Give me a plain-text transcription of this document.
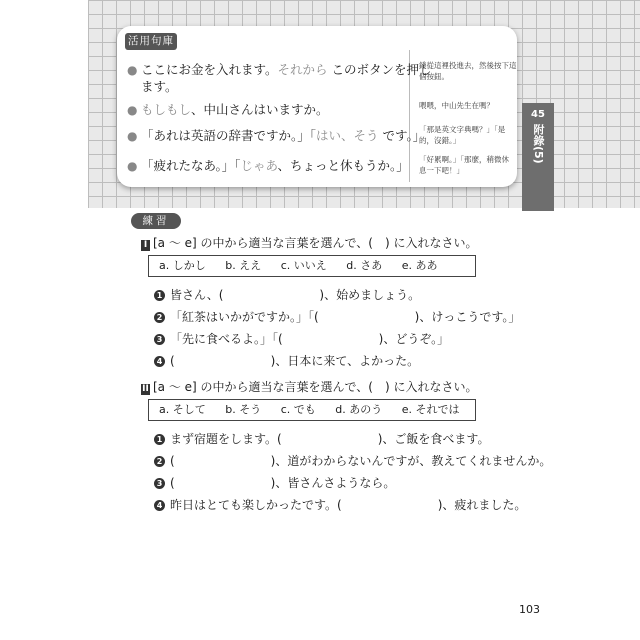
活用句庫
● ここにお金を入れます。それから このボタンを押し
ます。
錢從這裡投進去，然後按下這個按鈕。
● もしもし、中山さんはいますか。	喂喂，中山先生在嗎？
● 「あれは英語の辞書ですか。」「はい、そう です。」
「那是英文字典嗎？」「是的，沒錯。」
● 「疲れたなあ。」「じゃあ、ちょっと休もうか。」 「好累啊。」「那麼，稍微休息一下吧！」
45
附錄(5)
練習
I [a ～ e] の中から適当な言葉を選んで、(　) に入れなさい。
a. しかし b. ええ c. いいえ d. さあ e. ああ
1 皆さん、(　　　　　　　　)、始めましょう。
2 「紅茶はいかがですか。」「(　　　　　　　　)、けっこうです。」
3 「先に食べるよ。」「(　　　　　　　　)、どうぞ。」
4 (　　　　　　　　)、日本に来て、よかった。
II [a ～ e] の中から適当な言葉を選んで、(　) に入れなさい。
a. そして b. そう c. でも d. あのう e. それでは
1 まず宿題をします。(　　　　　　　　)、ご飯を食べます。
2 (　　　　　　　　)、道がわからないんですが、教えてくれませんか。
3 (　　　　　　　　)、皆さんさようなら。
4 昨日はとても楽しかったです。(　　　　　　　　)、疲れました。
103
